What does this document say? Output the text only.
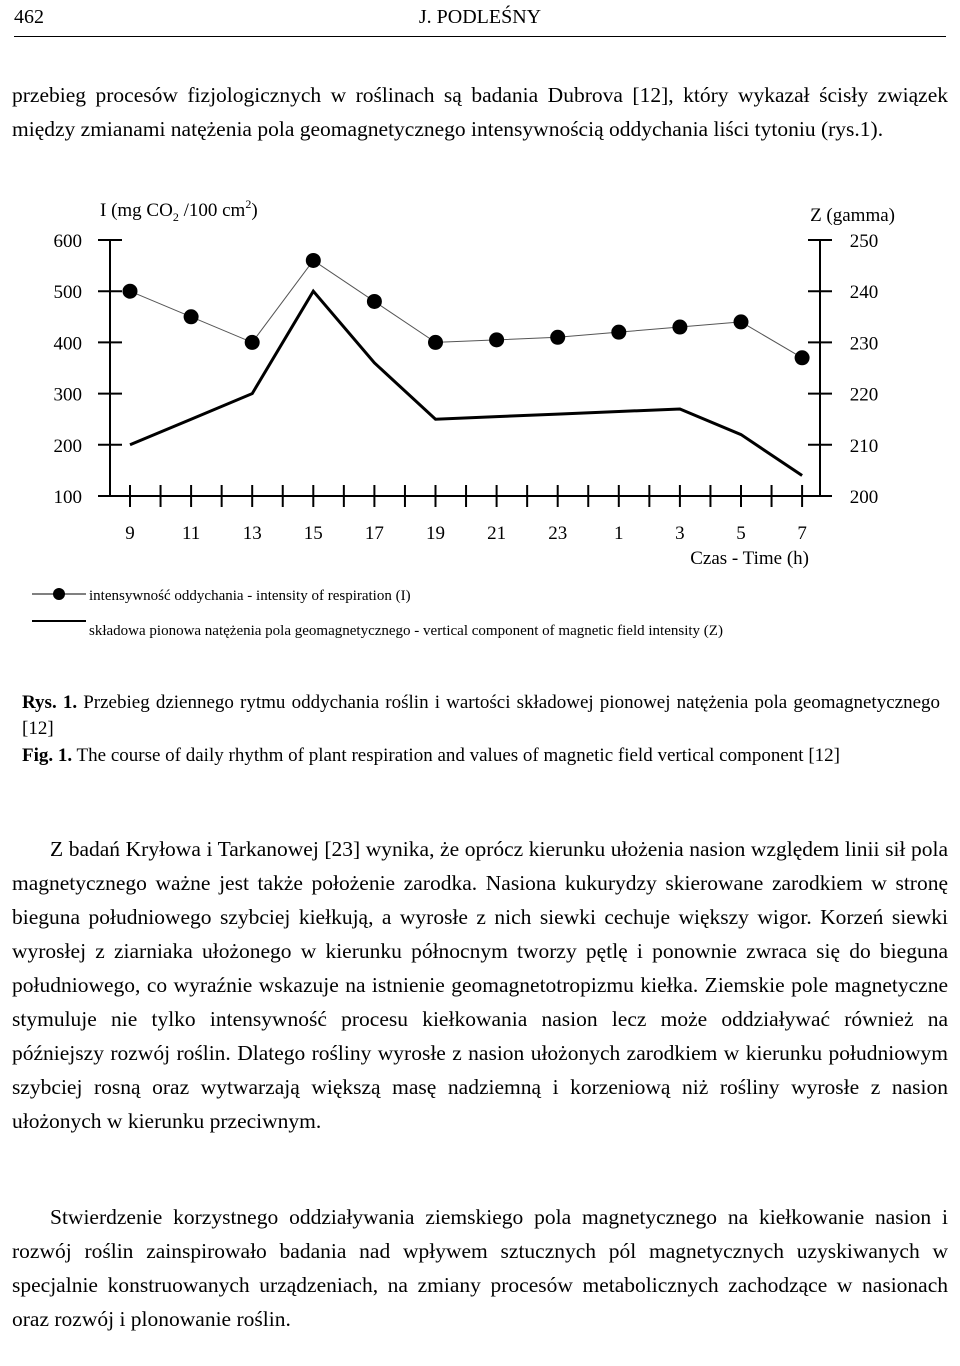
462	J. PODLEŚNY

przebieg procesów fizjologicznych w roślinach są badania Dubrova [12], który wykazał ścisły związek między zmianami natężenia pola geomagnetycznego intensywnością oddychania liści tytoniu (rys.1).

I (mg $CO_2$ /100 $cm^2$)	Z (gamma)
600	250
500	240
400	230
300	220
200	210
100	200
9 11 13 15 17 19 21 23 1	3	5	7
Czas - Time (h)
intensywność oddychania - intensity of respiration (I)
składowa pionowa natężenia pola geomagnetycznego - vertical component of magnetic field intensity (Z)

Rys. 1. Przebieg dziennego rytmu oddychania roślin i wartości składowej pionowej natężenia pola geomagnetycznego [12]

Fig. 1. The course of daily rhythm of plant respiration and values of magnetic field vertical component [12]

Z badań Kryłowa i Tarkanowej [23] wynika, że oprócz kierunku ułożenia nasion względem linii sił pola magnetycznego ważne jest także położenie zarodka. Nasiona kukurydzy skierowane zarodkiem w stronę bieguna południowego szybciej kiełkują, a wyrosłe z nich siewki cechuje większy wigor. Korzeń siewki wyrosłej z ziarniaka ułożonego w kierunku północnym tworzy pętlę i ponownie zwraca się do bieguna południowego, co wyraźnie wskazuje na istnienie geomagnetotropizmu kiełka. Ziemskie pole magnetyczne stymuluje nie tylko intensywność procesu kiełkowania nasion lecz może oddziaływać również na późniejszy rozwój roślin. Dlatego rośliny wyrosłe z nasion ułożonych zarodkiem w kierunku południowym szybciej rosną oraz wytwarzają większą masę nadziemną i korzeniową niż rośliny wyrosłe z nasion ułożonych w kierunku przeciwnym.

Stwierdzenie korzystnego oddziaływania ziemskiego pola magnetycznego na kiełkowanie nasion i rozwój roślin zainspirowało badania nad wpływem sztucznych pól magnetycznych uzyskiwanych w specjalnie konstruowanych urządzeniach, na zmiany procesów metabolicznych zachodzące w nasionach oraz rozwój i plonowanie roślin.
